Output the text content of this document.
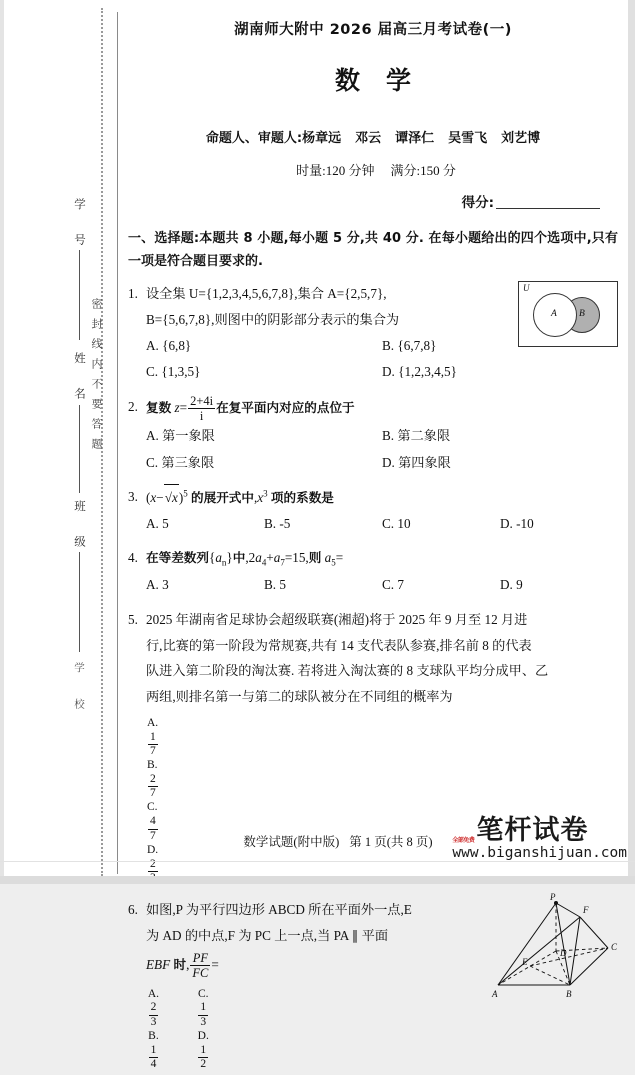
学 号
姓 名
班 级
学 校
密封线内不要答题
湖南师大附中 2026 届高三月考试卷(一)
数学
命题人、审题人:杨章远 邓云 谭泽仁 吴雪飞 刘艺博
时量:120 分钟 满分:150 分
得分:
一、选择题:本题共 8 小题,每小题 5 分,共 40 分. 在每小题给出的四个选项中,只有一项是符合题目要求的.
U
A B
1. 设全集 U={1,2,3,4,5,6,7,8},集合 A={2,5,7},
B={5,6,7,8},则图中的阴影部分表示的集合为
A. {6,8}	B. {6,7,8}
C. {1,3,5}	D. {1,2,3,4,5}
2. 复数 $z= \frac{2+4i}{i}$ 在复平面内对应的点位于
A. 第一象限	B. 第二象限
C. 第三象限	D. 第四象限
3. $(x-√x)^5$ 的展开式中$,x^3$ 项的系数是
A. 5	B. -5	C. 10	D. -10
4. 在等差数列$\{a_n\}$中$,2a_4+a_7=15$,则 $a_5=$
A. 3	B. 5	C. 7	D. 9
5. 2025 年湖南省足球协会超级联赛(湘超)将于 2025 年 9 月至 12 月进
行,比赛的第一阶段为常规赛,共有 14 支代表队参赛,排名前 8 的代表
队进入第二阶段的淘汰赛. 若将进入淘汰赛的 8 支球队平均分成甲、乙
两组,则排名第一与第二的球队被分在不同组的概率为
A.
$\frac{1}{7}$
B.
$\frac{2}{7}$
C.
$\frac{4}{7}$
D.
2
P
F
C
D
E
A	B
6. 如图,P 为平行四边形 ABCD 所在平面外一点,E
为 AD 的中点,F 为 PC 上一点,当 PA ∥ 平面
EBF 时, $\frac{PF}{FC}$ =
A.
$\frac{2}{3}$
B.
$\frac{1}{4}$

C.
$\frac{1}{3}$
D.
$\frac{1}{2}$
数学试题(附中版) 第 1 页(共 8 页)	全部免费 笔杆试卷
www.biganshijuan.com
